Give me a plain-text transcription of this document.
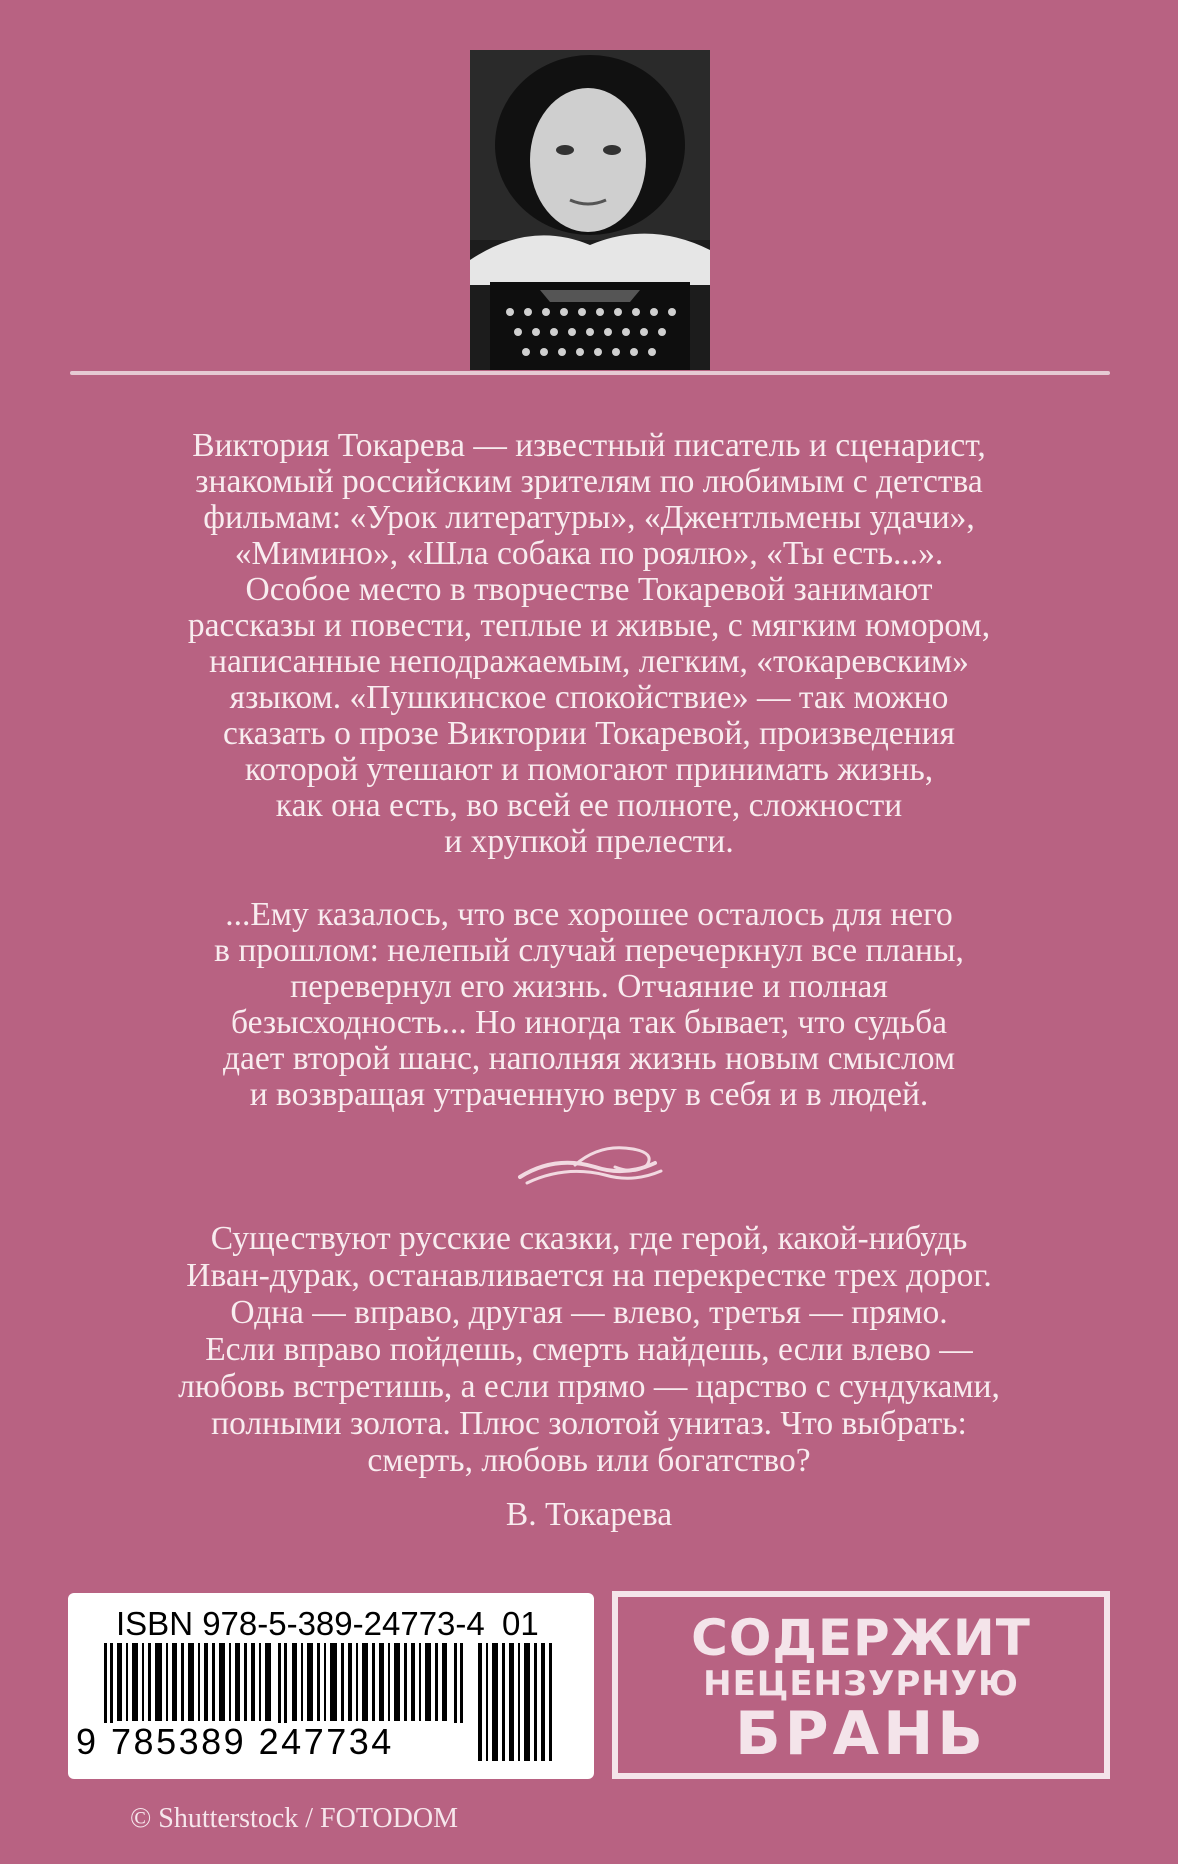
Виктория Токарева — известный писатель и сценарист,
знакомый российским зрителям по любимым с детства
фильмам: «Урок литературы», «Джентльмены удачи»,
«Мимино», «Шла собака по роялю», «Ты есть...».
Особое место в творчестве Токаревой занимают
рассказы и повести, теплые и живые, с мягким юмором,
написанные неподражаемым, легким, «токаревским»
языком. «Пушкинское спокойствие» — так можно
сказать о прозе Виктории Токаревой, произведения
которой утешают и помогают принимать жизнь,
как она есть, во всей ее полноте, сложности
и хрупкой прелести.

...Ему казалось, что все хорошее осталось для него
в прошлом: нелепый случай перечеркнул все планы,
перевернул его жизнь. Отчаяние и полная
безысходность... Но иногда так бывает, что судьба
дает второй шанс, наполняя жизнь новым смыслом
и возвращая утраченную веру в себя и в людей.

Существуют русские сказки, где герой, какой-нибудь
Иван-дурак, останавливается на перекрестке трех дорог.
Одна — вправо, другая — влево, третья — прямо.
Если вправо пойдешь, смерть найдешь, если влево —
любовь встретишь, а если прямо — царство с сундуками,
полными золота. Плюс золотой унитаз. Что выбрать:
смерть, любовь или богатство?

В. Токарева

ISBN 978-5-389-24773-4 01

9 785389 247734

СОДЕРЖИТ

НЕЦЕНЗУРНУЮ

БРАНЬ

© Shutterstock / FOTODOM
